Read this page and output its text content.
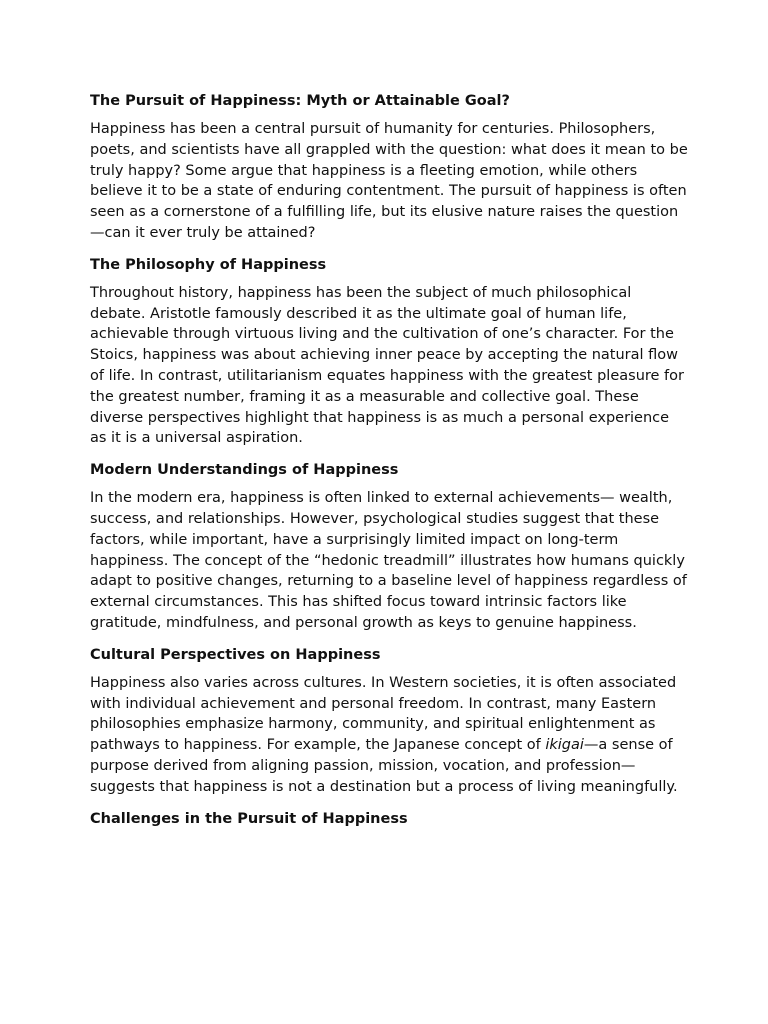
The Pursuit of Happiness: Myth or Attainable Goal?

Happiness has been a central pursuit of humanity for centuries. Philosophers, poets, and scientists have all grappled with the question: what does it mean to be truly happy? Some argue that happiness is a fleeting emotion, while others believe it to be a state of enduring contentment. The pursuit of happiness is often seen as a cornerstone of a fulfilling life, but its elusive nature raises the question—can it ever truly be attained?

The Philosophy of Happiness

Throughout history, happiness has been the subject of much philosophical debate. Aristotle famously described it as the ultimate goal of human life, achievable through virtuous living and the cultivation of one’s character. For the Stoics, happiness was about achieving inner peace by accepting the natural flow of life. In contrast, utilitarianism equates happiness with the greatest pleasure for the greatest number, framing it as a measurable and collective goal. These diverse perspectives highlight that happiness is as much a personal experience as it is a universal aspiration.

Modern Understandings of Happiness

In the modern era, happiness is often linked to external achievements— wealth, success, and relationships. However, psychological studies suggest that these factors, while important, have a surprisingly limited impact on long-term happiness. The concept of the “hedonic treadmill” illustrates how humans quickly adapt to positive changes, returning to a baseline level of happiness regardless of external circumstances. This has shifted focus toward intrinsic factors like gratitude, mindfulness, and personal growth as keys to genuine happiness.

Cultural Perspectives on Happiness

Happiness also varies across cultures. In Western societies, it is often associated with individual achievement and personal freedom. In contrast, many Eastern philosophies emphasize harmony, community, and spiritual enlightenment as pathways to happiness. For example, the Japanese concept of ikigai—a sense of purpose derived from aligning passion, mission, vocation, and profession—suggests that happiness is not a destination but a process of living meaningfully.

Challenges in the Pursuit of Happiness
